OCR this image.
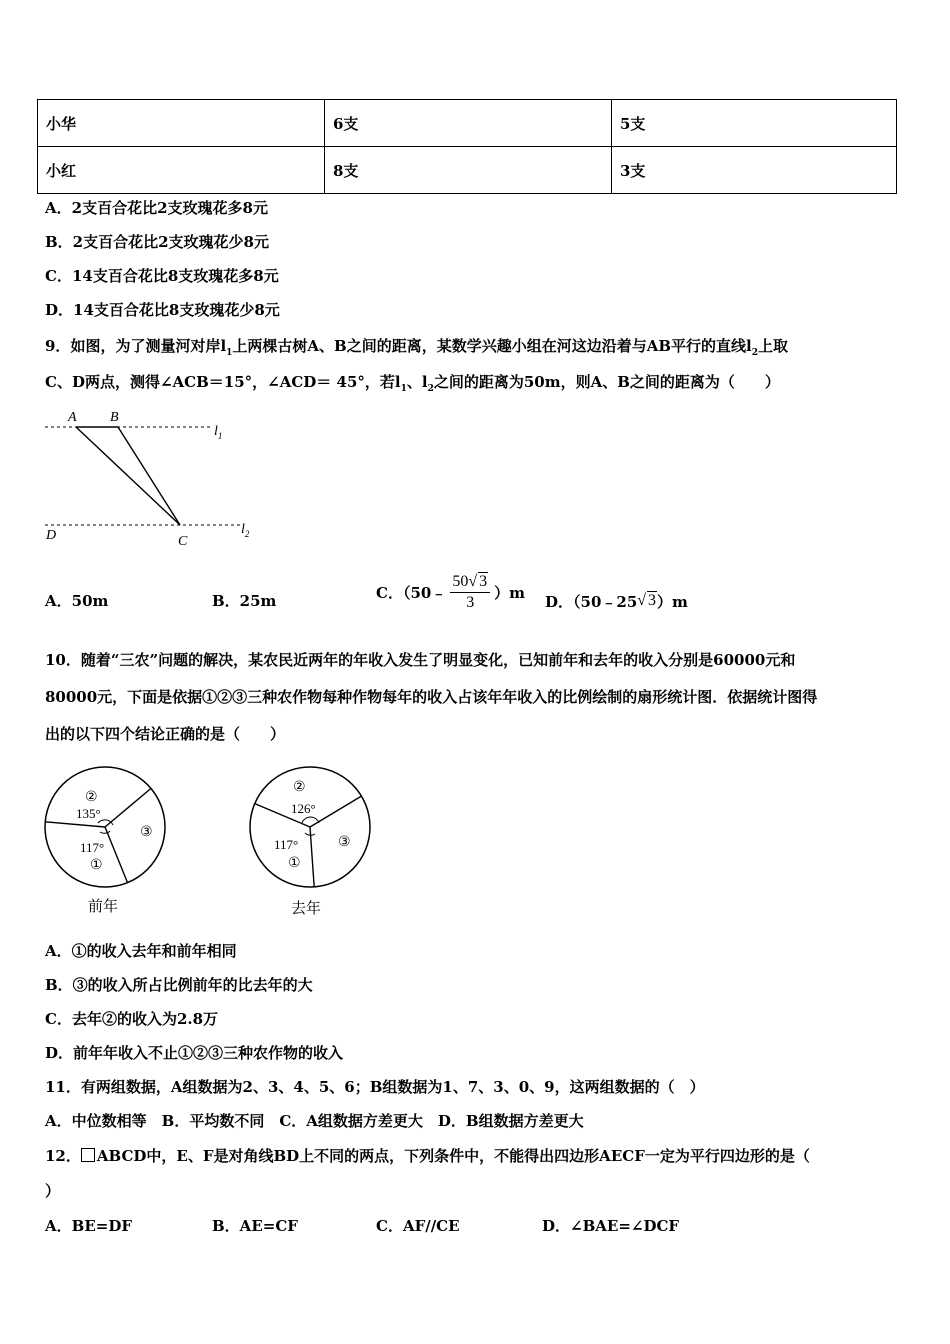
小华	6支	5支
小红	8支	3支
A．2支百合花比2支玫瑰花多8元
B．2支百合花比2支玫瑰花少8元
C．14支百合花比8支玫瑰花多8元
D．14支百合花比8支玫瑰花少8元
9．如图，为了测量河对岸$l_1$上两棵古树A、B之间的距离，某数学兴趣小组在河这边沿着与AB平行的直线$l_2$上取
C、D两点，测得∠ACB＝15°，∠ACD＝ 45°，若$l_1$、$l_2$之间的距离为50m，则A、B之间的距离为（　　）
A B
C
D
$l_1$
$l_2$
A．50m	B．25m	C．（50﹣ $\frac{50√ 3}{3} )m$ D．（50﹣25 √ 3 ）m
10．随着“三农”问题的解决，某农民近两年的年收入发生了明显变化，已知前年和去年的收入分别是60000元和
80000元，下面是依据①②③三种农作物每种作物每年的收入占该年年收入的比例绘制的扇形统计图．依据统计图得
出的以下四个结论正确的是（　　）
②
135°
③
117°
①
前年
②
126°
③
117°
①
去年
A．①的收入去年和前年相同
B．③的收入所占比例前年的比去年的大
C．去年②的收入为2.8万
D．前年年收入不止①②③三种农作物的收入
11．有两组数据，A组数据为2、3、4、5、6；B组数据为1、7、3、0、9，这两组数据的（　）
A．中位数相等　B．平均数不同　C．A组数据方差更大　D．B组数据方差更大
12． ABCD中，E、F是对角线BD上不同的两点，下列条件中，不能得出四边形AECF一定为平行四边形的是（
）
A．BE=DF	B．AE=CF	C．AF//CE	D．∠BAE=∠DCF
